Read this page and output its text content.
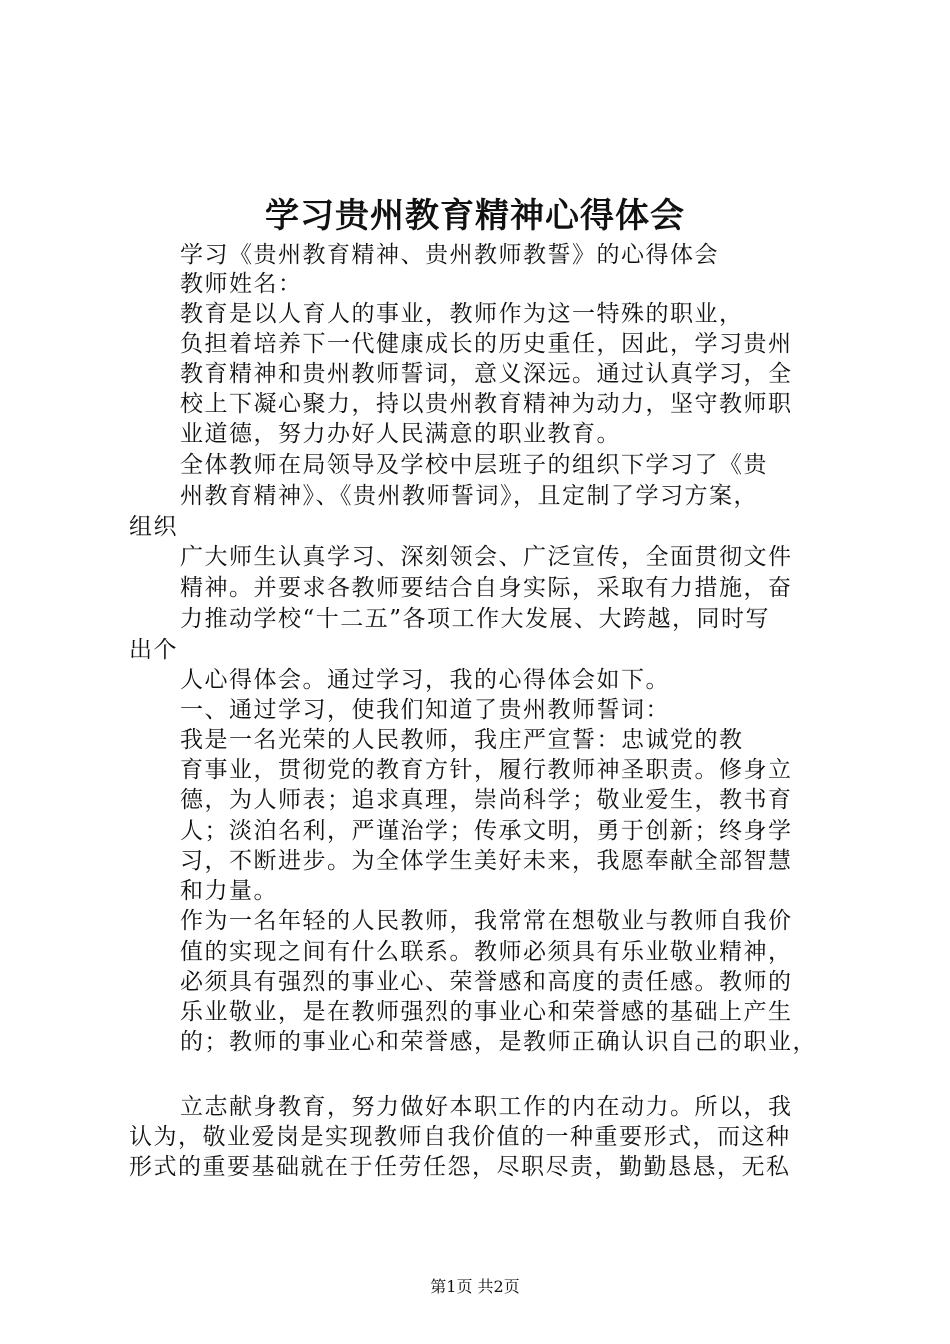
学习贵州教育精神心得体会
学习《贵州教育精神、贵州教师教誓》的心得体会
教师姓名：
教育是以人育人的事业，教师作为这一特殊的职业，
负担着培养下一代健康成长的历史重任，因此，学习贵州
教育精神和贵州教师誓词，意义深远。通过认真学习，全
校上下凝心聚力，持以贵州教育精神为动力，坚守教师职
业道德，努力办好人民满意的职业教育。
全体教师在局领导及学校中层班子的组织下学习了《贵
州教育精神》、《贵州教师誓词》，且定制了学习方案，
组织
广大师生认真学习、深刻领会、广泛宣传，全面贯彻文件
精神。并要求各教师要结合自身实际，采取有力措施，奋
力推动学校“十二五”各项工作大发展、大跨越，同时写
出个
人心得体会。通过学习，我的心得体会如下。
一、通过学习，使我们知道了贵州教师誓词：
我是一名光荣的人民教师，我庄严宣誓：忠诚党的教
育事业，贯彻党的教育方针，履行教师神圣职责。修身立
德，为人师表；追求真理，崇尚科学；敬业爱生，教书育
人；淡泊名利，严谨治学；传承文明，勇于创新；终身学
习，不断进步。为全体学生美好未来，我愿奉献全部智慧
和力量。
作为一名年轻的人民教师，我常常在想敬业与教师自我价
值的实现之间有什么联系。教师必须具有乐业敬业精神，
必须具有强烈的事业心、荣誉感和高度的责任感。教师的
乐业敬业，是在教师强烈的事业心和荣誉感的基础上产生
的；教师的事业心和荣誉感，是教师正确认识自己的职业，
立志献身教育，努力做好本职工作的内在动力。所以，我
认为，敬业爱岗是实现教师自我价值的一种重要形式，而这种
形式的重要基础就在于任劳任怨，尽职尽责，勤勤恳恳，无私
第1页 共2页
